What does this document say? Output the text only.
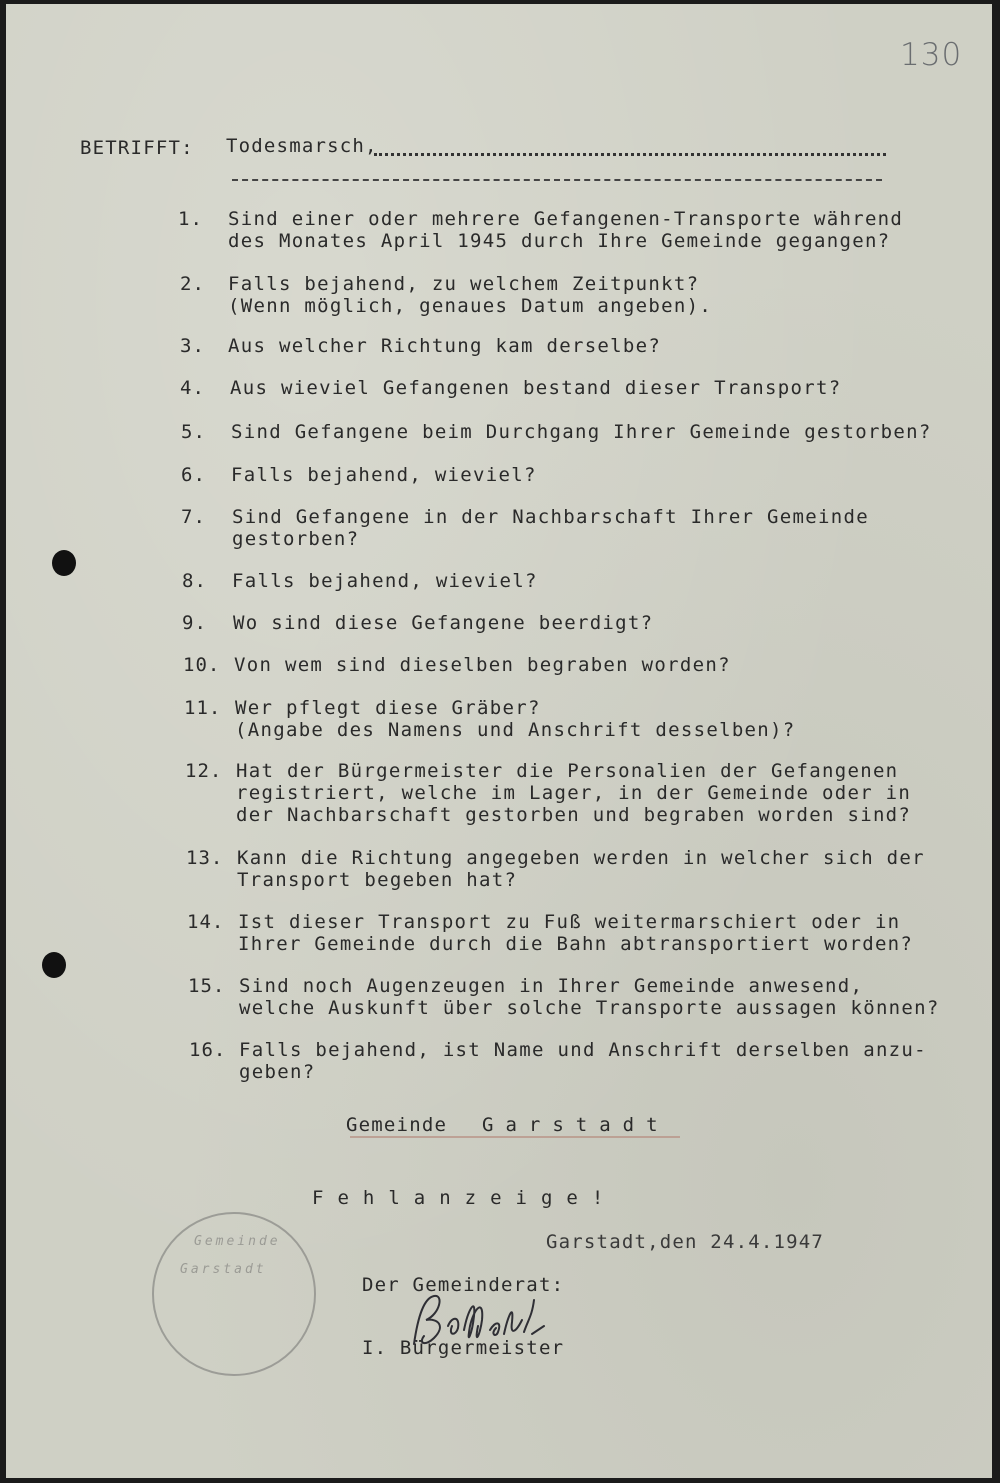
130
BETRIFFT: Todesmarsch,
1. Sind einer oder mehrere Gefangenen-Transporte während
des Monates April 1945 durch Ihre Gemeinde gegangen?
2. Falls bejahend, zu welchem Zeitpunkt?
(Wenn möglich, genaues Datum angeben).
3. Aus welcher Richtung kam derselbe?
4. Aus wieviel Gefangenen bestand dieser Transport?
5. Sind Gefangene beim Durchgang Ihrer Gemeinde gestorben?
6. Falls bejahend, wieviel?
7. Sind Gefangene in der Nachbarschaft Ihrer Gemeinde
gestorben?
8. Falls bejahend, wieviel?
9. Wo sind diese Gefangene beerdigt?
10. Von wem sind dieselben begraben worden?
11. Wer pflegt diese Gräber?
(Angabe des Namens und Anschrift desselben)?
12. Hat der Bürgermeister die Personalien der Gefangenen
registriert, welche im Lager, in der Gemeinde oder in
der Nachbarschaft gestorben und begraben worden sind?
13. Kann die Richtung angegeben werden in welcher sich der
Transport begeben hat?
14. Ist dieser Transport zu Fuß weitermarschiert oder in
Ihrer Gemeinde durch die Bahn abtransportiert worden?
15. Sind noch Augenzeugen in Ihrer Gemeinde anwesend,
welche Auskunft über solche Transporte aussagen können?
16. Falls bejahend, ist Name und Anschrift derselben anzu-
geben?
Gemeinde Garstadt
Fehlanzeige!
Garstadt,den 24.4.1947
Der Gemeinderat:
I. Bürgermeister
Gemeinde
Garstadt
